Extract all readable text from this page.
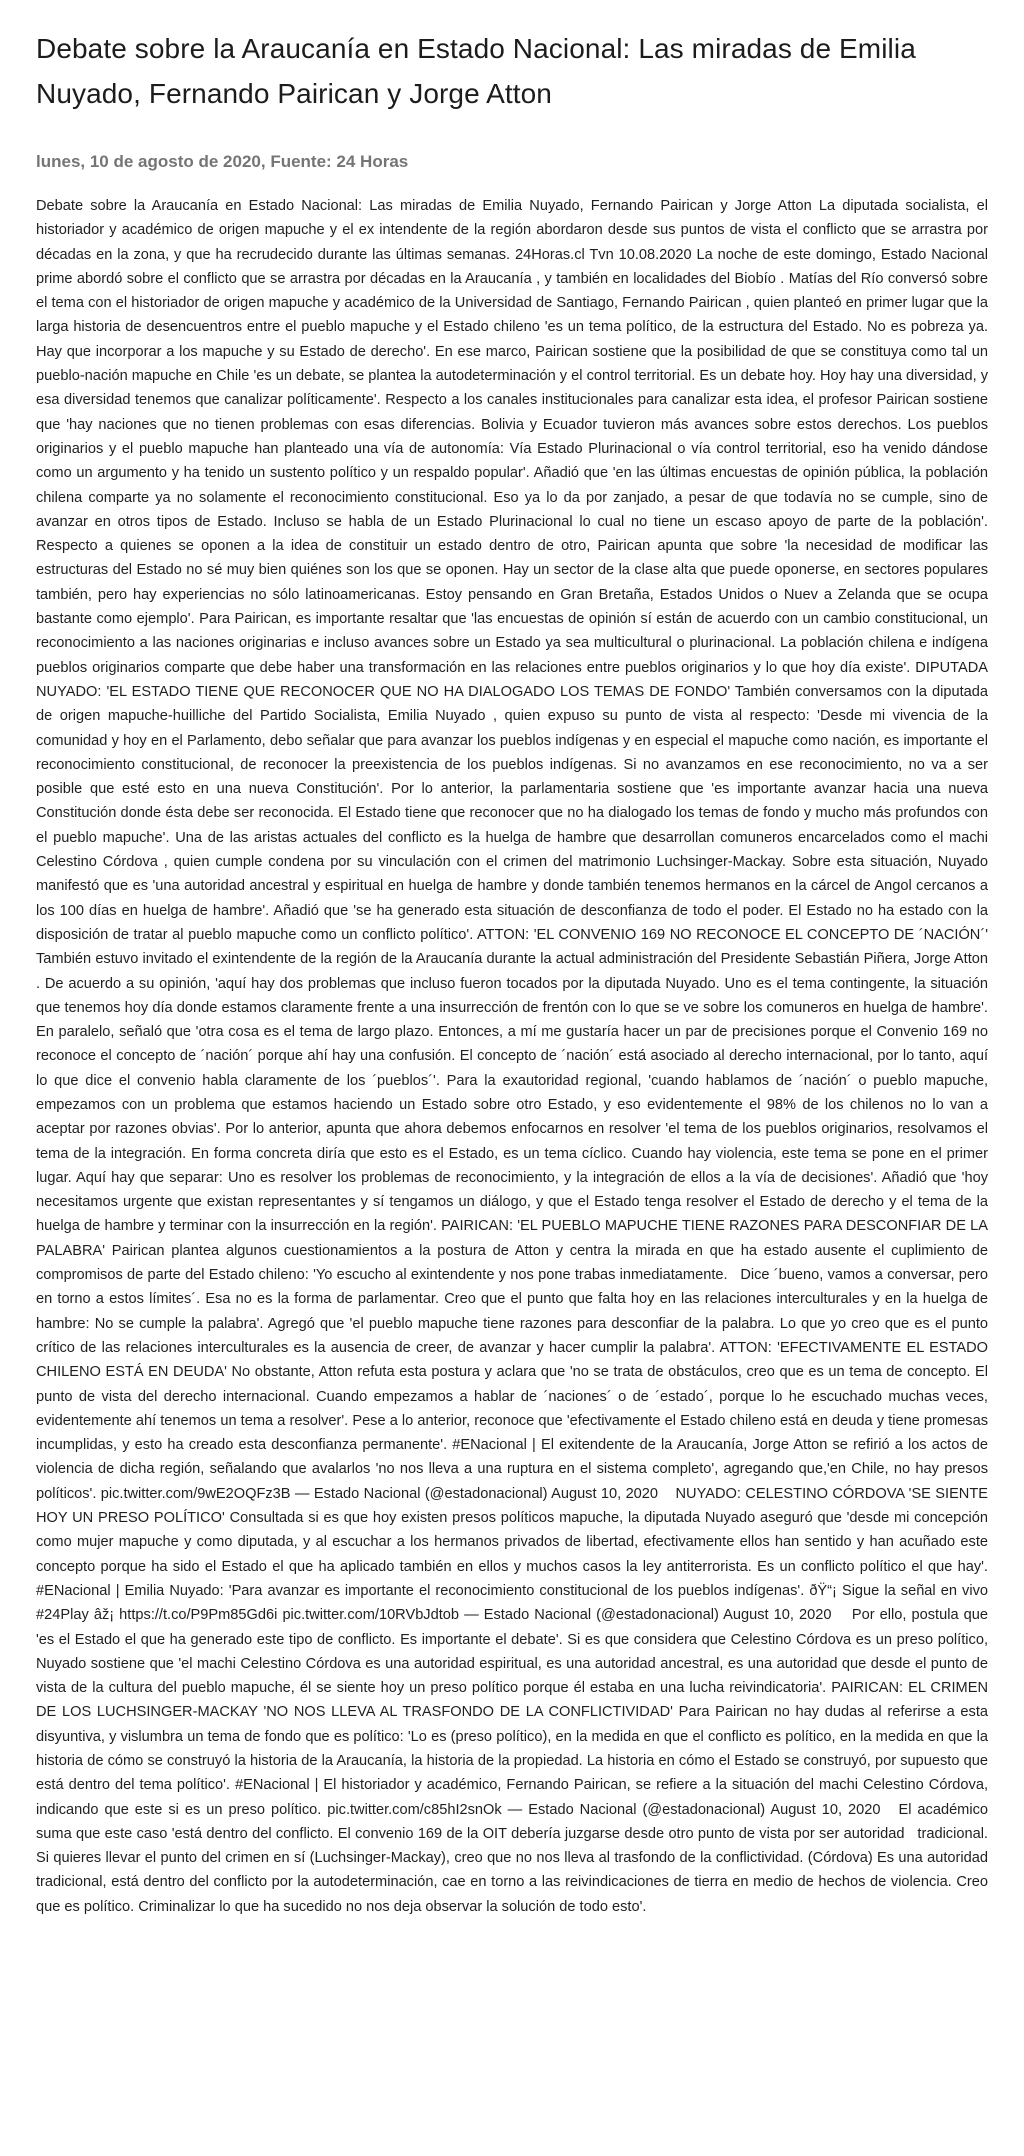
Debate sobre la Araucanía en Estado Nacional: Las miradas de Emilia Nuyado, Fernando Pairican y Jorge Atton

lunes, 10 de agosto de 2020, Fuente: 24 Horas

Debate sobre la Araucanía en Estado Nacional: Las miradas de Emilia Nuyado, Fernando Pairican y Jorge Atton La diputada socialista, el historiador y académico de origen mapuche y el ex intendente de la región abordaron desde sus puntos de vista el conflicto que se arrastra por décadas en la zona, y que ha recrudecido durante las últimas semanas. 24Horas.cl Tvn 10.08.2020 La noche de este domingo, Estado Nacional prime abordó sobre el conflicto que se arrastra por décadas en la Araucanía , y también en localidades del Biobío . Matías del Río conversó sobre el tema con el historiador de origen mapuche y académico de la Universidad de Santiago, Fernando Pairican , quien planteó en primer lugar que la larga historia de desencuentros entre el pueblo mapuche y el Estado chileno 'es un tema político, de la estructura del Estado. No es pobreza ya. Hay que incorporar a los mapuche y su Estado de derecho'. En ese marco, Pairican sostiene que la posibilidad de que se constituya como tal un pueblo-nación mapuche en Chile 'es un debate, se plantea la autodeterminación y el control territorial. Es un debate hoy. Hoy hay una diversidad, y esa diversidad tenemos que canalizar políticamente'. Respecto a los canales institucionales para canalizar esta idea, el profesor Pairican sostiene que 'hay naciones que no tienen problemas con esas diferencias. Bolivia y Ecuador tuvieron más avances sobre estos derechos. Los pueblos originarios y el pueblo mapuche han planteado una vía de autonomía: Vía Estado Plurinacional o vía control territorial, eso ha venido dándose como un argumento y ha tenido un sustento político y un respaldo popular'. Añadió que 'en las últimas encuestas de opinión pública, la población chilena comparte ya no solamente el reconocimiento constitucional. Eso ya lo da por zanjado, a pesar de que todavía no se cumple, sino de avanzar en otros tipos de Estado. Incluso se habla de un Estado Plurinacional lo cual no tiene un escaso apoyo de parte de la población'. Respecto a quienes se oponen a la idea de constituir un estado dentro de otro, Pairican apunta que sobre 'la necesidad de modificar las estructuras del Estado no sé muy bien quiénes son los que se oponen. Hay un sector de la clase alta que puede oponerse, en sectores populares también, pero hay experiencias no sólo latinoamericanas. Estoy pensando en Gran Bretaña, Estados Unidos o Nuev a Zelanda que se ocupa bastante como ejemplo'. Para Pairican, es importante resaltar que 'las encuestas de opinión sí están de acuerdo con un cambio constitucional, un reconocimiento a las naciones originarias e incluso avances sobre un Estado ya sea multicultural o plurinacional. La población chilena e indígena pueblos originarios comparte que debe haber una transformación en las relaciones entre pueblos originarios y lo que hoy día existe'. DIPUTADA NUYADO: 'EL ESTADO TIENE QUE RECONOCER QUE NO HA DIALOGADO LOS TEMAS DE FONDO' También conversamos con la diputada de origen mapuche-huilliche del Partido Socialista, Emilia Nuyado , quien expuso su punto de vista al respecto: 'Desde mi vivencia de la comunidad y hoy en el Parlamento, debo señalar que para avanzar los pueblos indígenas y en especial el mapuche como nación, es importante el reconocimiento constitucional, de reconocer la preexistencia de los pueblos indígenas. Si no avanzamos en ese reconocimiento, no va a ser posible que esté esto en una nueva Constitución'. Por lo anterior, la parlamentaria sostiene que 'es importante avanzar hacia una nueva Constitución donde ésta debe ser reconocida. El Estado tiene que reconocer que no ha dialogado los temas de fondo y mucho más profundos con el pueblo mapuche'. Una de las aristas actuales del conflicto es la huelga de hambre que desarrollan comuneros encarcelados como el machi Celestino Córdova , quien cumple condena por su vinculación con el crimen del matrimonio Luchsinger-Mackay. Sobre esta situación, Nuyado manifestó que es 'una autoridad ancestral y espiritual en huelga de hambre y donde también tenemos hermanos en la cárcel de Angol cercanos a los 100 días en huelga de hambre'. Añadió que 'se ha generado esta situación de desconfianza de todo el poder. El Estado no ha estado con la disposición de tratar al pueblo mapuche como un conflicto político'. ATTON: 'EL CONVENIO 169 NO RECONOCE EL CONCEPTO DE ´NACIÓN´' También estuvo invitado el exintendente de la región de la Araucanía durante la actual administración del Presidente Sebastián Piñera, Jorge Atton . De acuerdo a su opinión, 'aquí hay dos problemas que incluso fueron tocados por la diputada Nuyado. Uno es el tema contingente, la situación que tenemos hoy día donde estamos claramente frente a una insurrección de frentón con lo que se ve sobre los comuneros en huelga de hambre'. En paralelo, señaló que 'otra cosa es el tema de largo plazo. Entonces, a mí me gustaría hacer un par de precisiones porque el Convenio 169 no reconoce el concepto de ´nación´ porque ahí hay una confusión. El concepto de ´nación´ está asociado al derecho internacional, por lo tanto, aquí lo que dice el convenio habla claramente de los ´pueblos´'. Para la exautoridad regional, 'cuando hablamos de ´nación´ o pueblo mapuche, empezamos con un problema que estamos haciendo un Estado sobre otro Estado, y eso evidentemente el 98% de los chilenos no lo van a aceptar por razones obvias'. Por lo anterior, apunta que ahora debemos enfocarnos en resolver 'el tema de los pueblos originarios, resolvamos el tema de la integración. En forma concreta diría que esto es el Estado, es un tema cíclico. Cuando hay violencia, este tema se pone en el primer lugar. Aquí hay que separar: Uno es resolver los problemas de reconocimiento, y la integración de ellos a la vía de decisiones'. Añadió que 'hoy necesitamos urgente que existan representantes y sí tengamos un diálogo, y que el Estado tenga resolver el Estado de derecho y el tema de la huelga de hambre y terminar con la insurrección en la región'. PAIRICAN: 'EL PUEBLO MAPUCHE TIENE RAZONES PARA DESCONFIAR DE LA PALABRA' Pairican plantea algunos cuestionamientos a la postura de Atton y centra la mirada en que ha estado ausente el cuplimiento de compromisos de parte del Estado chileno: 'Yo escucho al exintendente y nos pone trabas inmediatamente.   Dice ´bueno, vamos a conversar, pero en torno a estos límites´. Esa no es la forma de parlamentar. Creo que el punto que falta hoy en las relaciones interculturales y en la huelga de hambre: No se cumple la palabra'. Agregó que 'el pueblo mapuche tiene razones para desconfiar de la palabra. Lo que yo creo que es el punto crítico de las relaciones interculturales es la ausencia de creer, de avanzar y hacer cumplir la palabra'. ATTON: 'EFECTIVAMENTE EL ESTADO CHILENO ESTÁ EN DEUDA' No obstante, Atton refuta esta postura y aclara que 'no se trata de obstáculos, creo que es un tema de concepto. El punto de vista del derecho internacional. Cuando empezamos a hablar de ´naciones´ o de ´estado´, porque lo he escuchado muchas veces, evidentemente ahí tenemos un tema a resolver'. Pese a lo anterior, reconoce que 'efectivamente el Estado chileno está en deuda y tiene promesas incumplidas, y esto ha creado esta desconfianza permanente'. #ENacional | El exitendente de la Araucanía, Jorge Atton se refirió a los actos de violencia de dicha región, señalando que avalarlos 'no nos lleva a una ruptura en el sistema completo', agregando que,'en Chile, no hay presos políticos'. pic.twitter.com/9wE2OQFz3B — Estado Nacional (@estadonacional) August 10, 2020    NUYADO: CELESTINO CÓRDOVA 'SE SIENTE HOY UN PRESO POLÍTICO' Consultada si es que hoy existen presos políticos mapuche, la diputada Nuyado aseguró que 'desde mi concepción como mujer mapuche y como diputada, y al escuchar a los hermanos privados de libertad, efectivamente ellos han sentido y han acuñado este concepto porque ha sido el Estado el que ha aplicado también en ellos y muchos casos la ley antiterrorista. Es un conflicto político el que hay'. #ENacional | Emilia Nuyado: 'Para avanzar es importante el reconocimiento constitucional de los pueblos indígenas'. ðŸ“¡ Sigue la señal en vivo #24Play âž¡ https://t.co/P9Pm85Gd6i pic.twitter.com/10RVbJdtob — Estado Nacional (@estadonacional) August 10, 2020    Por ello, postula que 'es el Estado el que ha generado este tipo de conflicto. Es importante el debate'. Si es que considera que Celestino Córdova es un preso político, Nuyado sostiene que 'el machi Celestino Córdova es una autoridad espiritual, es una autoridad ancestral, es una autoridad que desde el punto de vista de la cultura del pueblo mapuche, él se siente hoy un preso político porque él estaba en una lucha reivindicatoria'. PAIRICAN: EL CRIMEN DE LOS LUCHSINGER-MACKAY 'NO NOS LLEVA AL TRASFONDO DE LA CONFLICTIVIDAD' Para Pairican no hay dudas al referirse a esta disyuntiva, y vislumbra un tema de fondo que es político: 'Lo es (preso político), en la medida en que el conflicto es político, en la medida en que la historia de cómo se construyó la historia de la Araucanía, la historia de la propiedad. La historia en cómo el Estado se construyó, por supuesto que está dentro del tema político'. #ENacional | El historiador y académico, Fernando Pairican, se refiere a la situación del machi Celestino Córdova, indicando que este si es un preso político. pic.twitter.com/c85hI2snOk — Estado Nacional (@estadonacional) August 10, 2020   El académico suma que este caso 'está dentro del conflicto. El convenio 169 de la OIT debería juzgarse desde otro punto de vista por ser autoridad   tradicional. Si quieres llevar el punto del crimen en sí (Luchsinger-Mackay), creo que no nos lleva al trasfondo de la conflictividad. (Córdova) Es una autoridad tradicional, está dentro del conflicto por la autodeterminación, cae en torno a las reivindicaciones de tierra en medio de hechos de violencia. Creo que es político. Criminalizar lo que ha sucedido no nos deja observar la solución de todo esto'.
